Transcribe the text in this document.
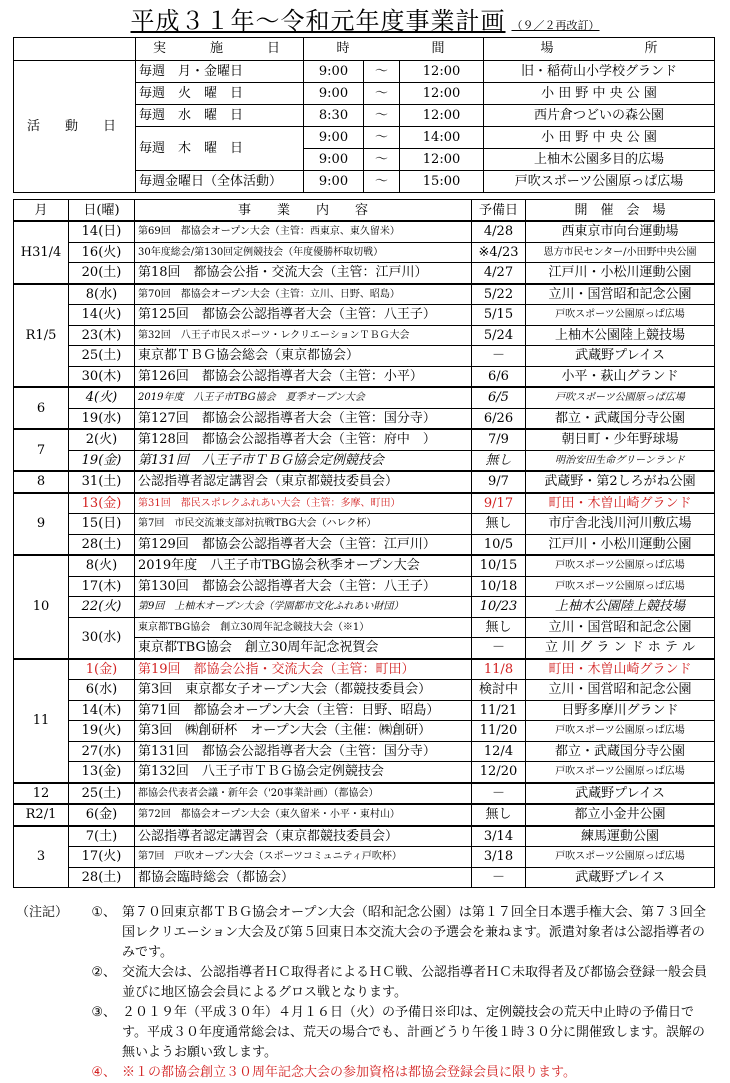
平成３１年～令和元年度事業計画 （９／２再改訂）
	実　　施　　日	時　　　　間			場　　　　　　　所
活　動　日	毎週　月・金曜日	9:00	～	12:00	旧・稲荷山小学校グランド
	毎週　火　曜　日	9:00	～	12:00	小 田 野 中 央 公 園
	毎週　水　曜　日	8:30	～	12:00	西片倉つどいの森公園
	毎週　木　曜　日	9:00	～	14:00	小 田 野 中 央 公 園
		9:00	～	12:00	上柚木公園多目的広場
	毎週金曜日（全体活動）	9:00	～	15:00	戸吹スポーツ公園原っぱ広場
月	日(曜)	事　　業　　内　　容	予備日	開　催　会　場
H31/4	14(日)	第69回　都協会オープン大会（主管：西東京、東久留米）	4/28	西東京市向台運動場
	16(火)	30年度総会/第130回定例競技会（年度優勝杯取切戦）	※4/23	恩方市民センター/小田野中央公園
	20(土)	第18回　都協会公指・交流大会（主管：江戸川）	4/27	江戸川・小松川運動公園
R1/5	8(水)	第70回　都協会オープン大会（主管：立川、日野、昭島）	5/22	立川・国営昭和記念公園
	14(火)	第125回　都協会公認指導者大会（主管：八王子）	5/15	戸吹スポーツ公園原っぱ広場
	23(木)	第32回　八王子市民スポーツ・レクリエーションＴＢＧ大会	5/24	上柚木公園陸上競技場
	25(土)	東京都ＴＢＧ協会総会（東京都協会）	－	武蔵野プレイス
	30(木)	第126回　都協会公認指導者大会（主管：小平）	6/6	小平・萩山グランド
6	4(火)	2019年度　八王子市TBG協会　夏季オープン大会	6/5	戸吹スポーツ公園原っぱ広場
	19(水)	第127回　都協会公認指導者大会（主管：国分寺）	6/26	都立・武蔵国分寺公園
7	2(火)	第128回　都協会公認指導者大会（主管：府中　）	7/9	朝日町・少年野球場
	19(金)	第131回　八王子市ＴＢＧ協会定例競技会	無し	明治安田生命グリーンランド
8	31(土)	公認指導者認定講習会（東京都競技委員会）	9/7	武蔵野・第2しろがね公園
9	13(金)	第31回　都民スポレクふれあい大会（主管：多摩、町田）	9/17	町田・木曽山崎グランド
	15(日)	第7回　市民交流兼支部対抗戦TBG大会（ハレク杯）	無し	市庁舎北浅川河川敷広場
	28(土)	第129回　都協会公認指導者大会（主管：江戸川）	10/5	江戸川・小松川運動公園
10	8(火)	2019年度　八王子市TBG協会秋季オープン大会	10/15	戸吹スポーツ公園原っぱ広場
	17(木)	第130回　都協会公認指導者大会（主管：八王子）	10/18	戸吹スポーツ公園原っぱ広場
	22(火)	第9回　上柚木オープン大会（学園都市文化ふれあい財団）	10/23	上柚木公園陸上競技場
	30(水)	東京都TBG協会　創立30周年記念競技大会（※1）	無し	立川・国営昭和記念公園
		東京都TBG協会　創立30周年記念祝賀会	－	立 川 グ ラ ン ド ホ テ ル
11	1(金)	第19回　都協会公指・交流大会（主管：町田）	11/8	町田・木曽山崎グランド
	6(水)	第3回　東京都女子オープン大会（都競技委員会）	検討中	立川・国営昭和記念公園
	14(木)	第71回　都協会オープン大会（主管：日野、昭島）	11/21	日野多摩川グランド
	19(火)	第3回　㈱創研杯　オープン大会（主催：㈱創研）	11/20	戸吹スポーツ公園原っぱ広場
	27(水)	第131回　都協会公認指導者大会（主管：国分寺）	12/4	都立・武蔵国分寺公園
	13(金)	第132回　八王子市ＴＢＧ協会定例競技会	12/20	戸吹スポーツ公園原っぱ広場
12	25(土)	都協会代表者会議・新年会（'20事業計画）（都協会）	－	武蔵野プレイス
R2/1	6(金)	第72回　都協会オープン大会（東久留米・小平・東村山）	無し	都立小金井公園
3	7(土)	公認指導者認定講習会（東京都競技委員会）	3/14	練馬運動公園
	17(火)	第7回　戸吹オープン大会（スポーツコミュニティ戸吹杯）	3/18	戸吹スポーツ公園原っぱ広場
	28(土)	都協会臨時総会（都協会）	－	武蔵野プレイス
（注記）	①、 第７０回東京都ＴＢＧ協会オープン大会（昭和記念公園）は第１７回全日本選手権大会、第７３回全国レクリエーション大会及び第５回東日本交流大会の予選会を兼ねます。派遣対象者は公認指導者のみです。
②、 交流大会は、公認指導者ＨＣ取得者によるＨＣ戦、公認指導者ＨＣ未取得者及び都協会登録一般会員並びに地区協会会員によるグロス戦となります。
③、 ２０１９年（平成３０年）４月１６日（火）の予備日※印は、定例競技会の荒天中止時の予備日です。平成３０年度通常総会は、荒天の場合でも、計画どうり午後１時３０分に開催致します。誤解の無いようお願い致します。
④、 ※１の都協会創立３０周年記念大会の参加資格は都協会登録会員に限ります。
